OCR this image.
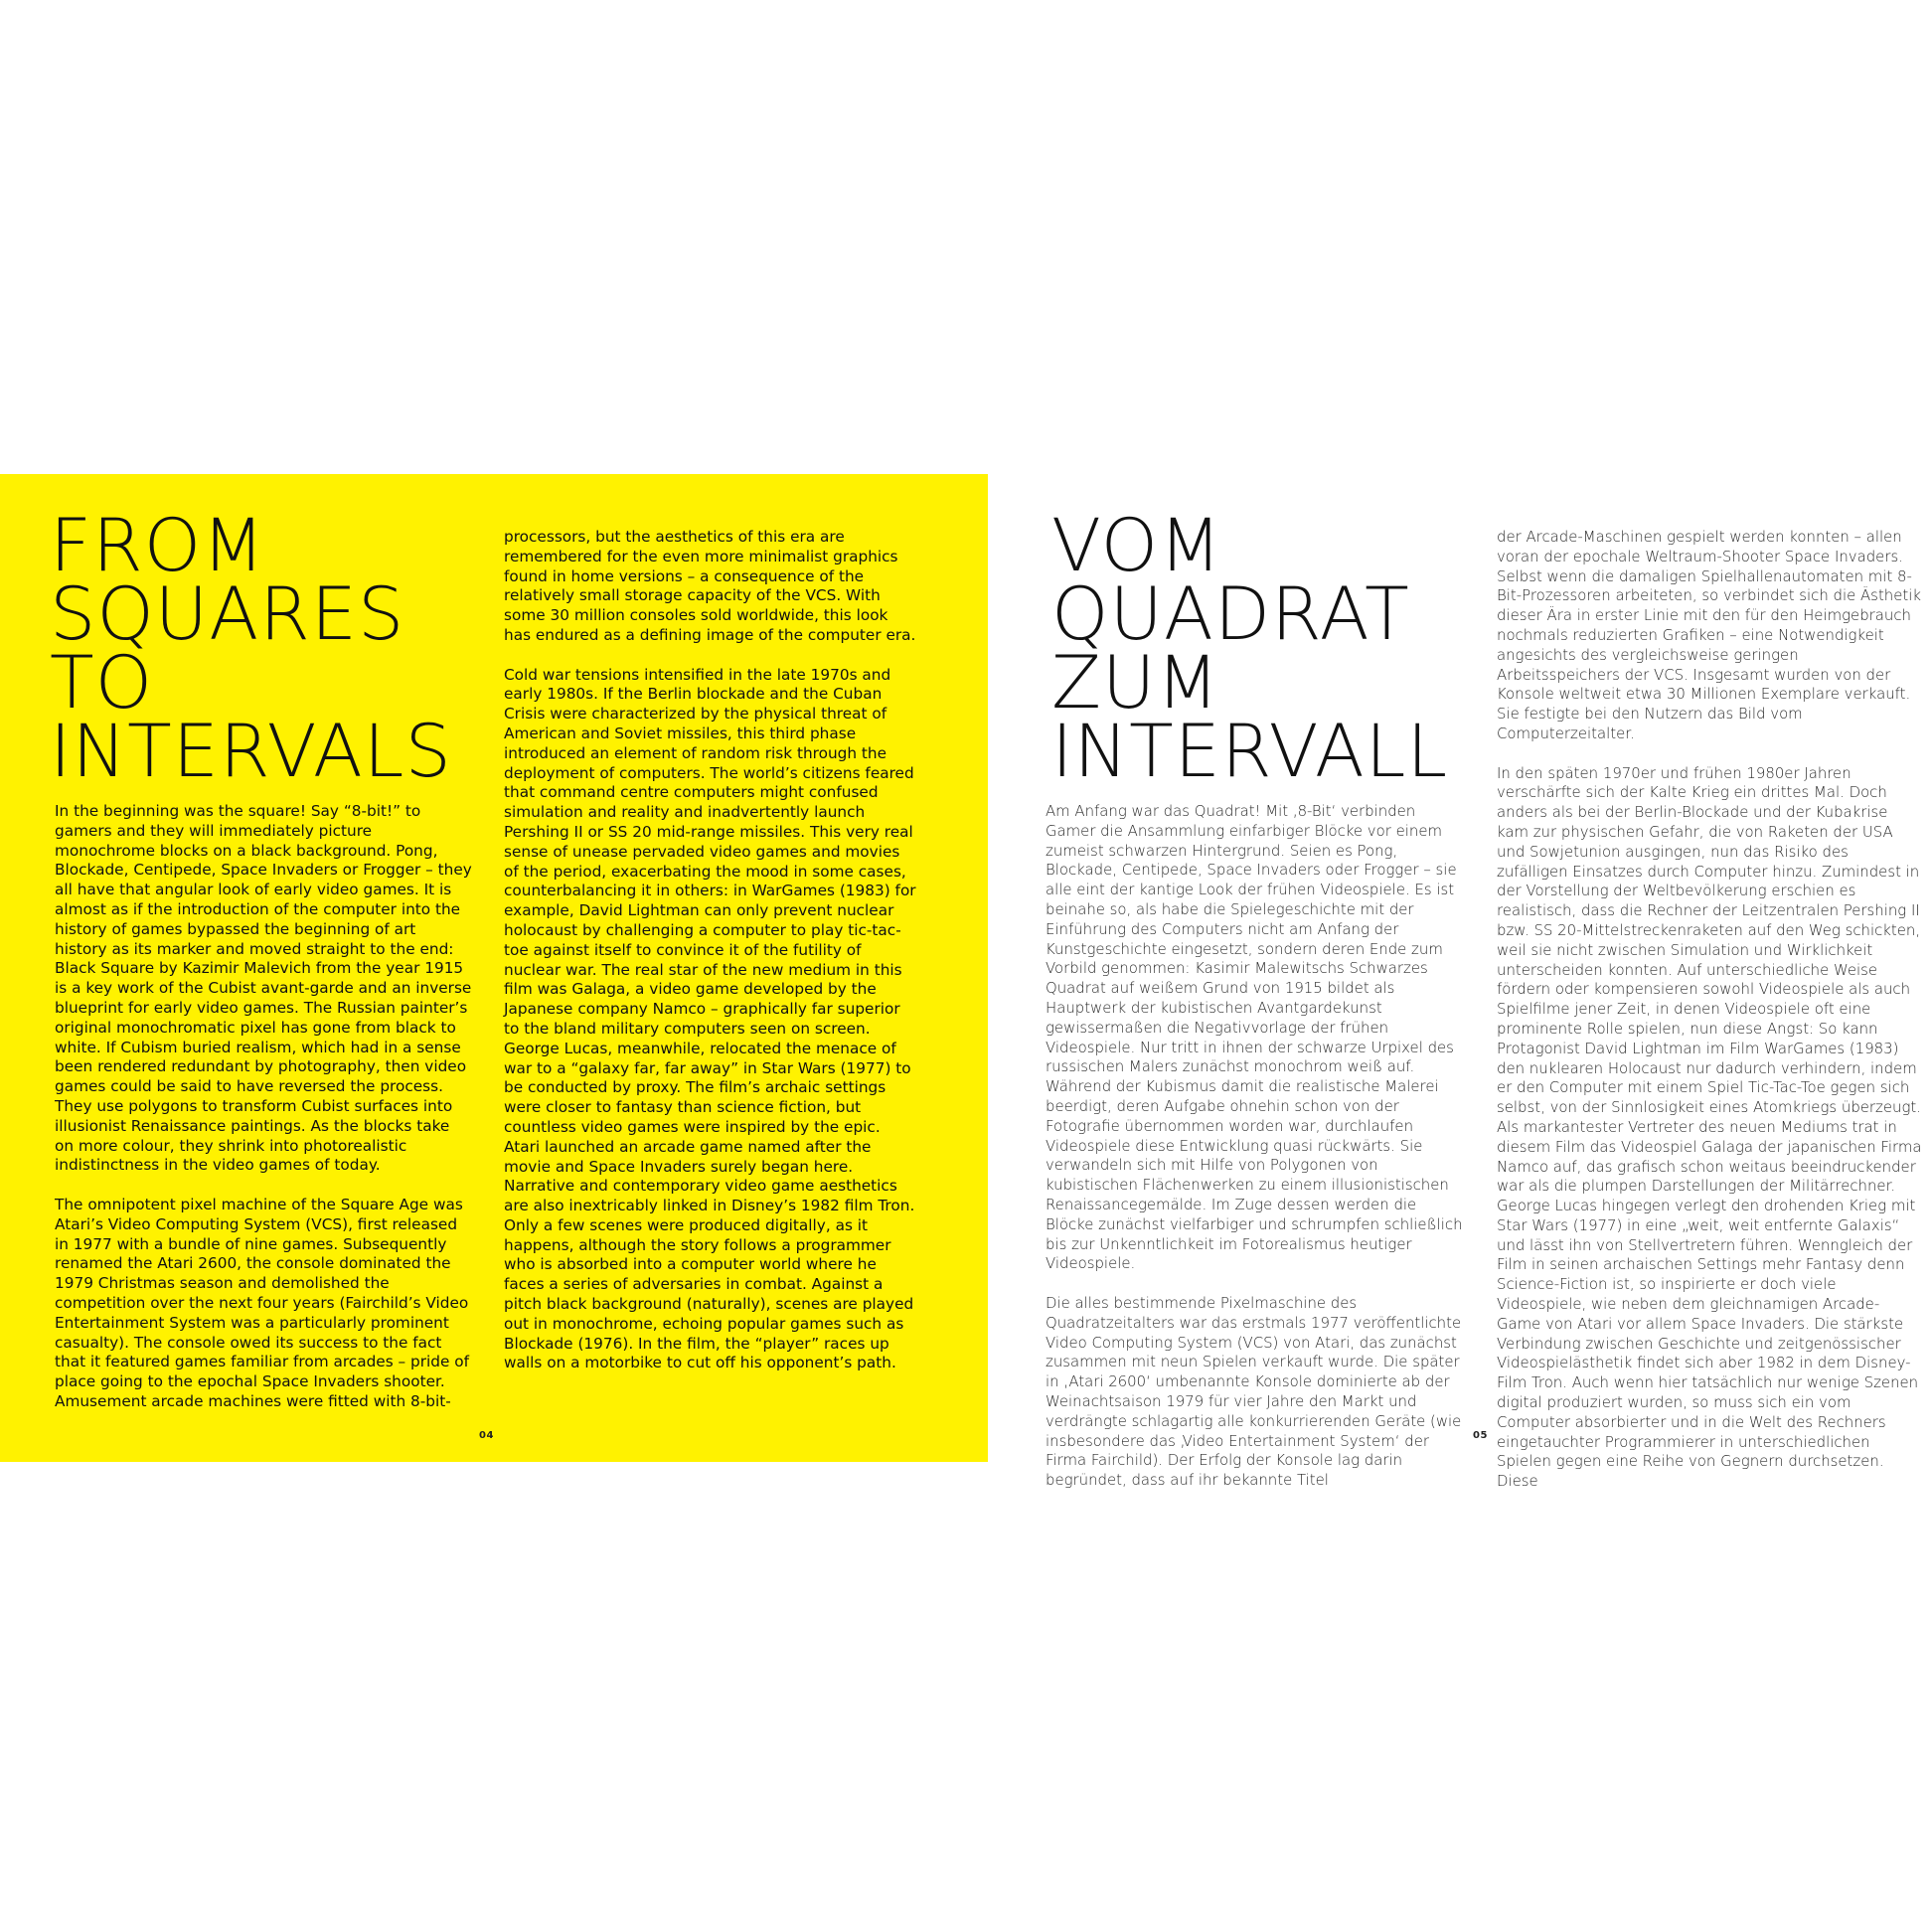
FROM
SQUARES
TO
INTERVALS

In the beginning was the square! Say “8-bit!” to gamers and they will immediately picture monochrome blocks on a black background. Pong, Blockade, Centipede, Space Invaders or Frogger – they all have that angular look of early video games. It is almost as if the introduction of the computer into the history of games bypassed the beginning of art history as its marker and moved straight to the end: Black Square by Kazimir Malevich from the year 1915 is a key work of the Cubist avant-garde and an inverse blueprint for early video games. The Russian painter’s original monochromatic pixel has gone from black to white. If Cubism buried realism, which had in a sense been rendered redundant by photography, then video games could be said to have reversed the process. They use polygons to transform Cubist surfaces into illusionist Renaissance paintings. As the blocks take on more colour, they shrink into photorealistic indistinctness in the video games of today.

The omnipotent pixel machine of the Square Age was Atari’s Video Computing System (VCS), first released in 1977 with a bundle of nine games. Subsequently renamed the Atari 2600, the console dominated the 1979 Christmas season and demolished the competition over the next four years (Fairchild’s Video Entertainment System was a particularly prominent casualty). The console owed its success to the fact that it featured games familiar from arcades – pride of place going to the epochal Space Invaders shooter. Amusement arcade machines were fitted with 8-bit-

processors, but the aesthetics of this era are remembered for the even more minimalist graphics found in home versions – a consequence of the relatively small storage capacity of the VCS. With some 30 million consoles sold worldwide, this look has endured as a defining image of the computer era.

Cold war tensions intensified in the late 1970s and early 1980s. If the Berlin blockade and the Cuban Crisis were characterized by the physical threat of American and Soviet missiles, this third phase introduced an element of random risk through the deployment of computers. The world’s citizens feared that command centre computers might confused simulation and reality and inadvertently launch Pershing II or SS 20 mid-range missiles. This very real sense of unease pervaded video games and movies of the period, exacerbating the mood in some cases, counterbalancing it in others: in WarGames (1983) for example, David Lightman can only prevent nuclear holocaust by challenging a computer to play tic-tac-toe against itself to convince it of the futility of nuclear war. The real star of the new medium in this film was Galaga, a video game developed by the Japanese company Namco – graphically far superior to the bland military computers seen on screen. George Lucas, meanwhile, relocated the menace of war to a “galaxy far, far away” in Star Wars (1977) to be conducted by proxy. The film’s archaic settings were closer to fantasy than science fiction, but countless video games were inspired by the epic. Atari launched an arcade game named after the movie and Space Invaders surely began here. Narrative and contemporary video game aesthetics are also inextricably linked in Disney’s 1982 film Tron. Only a few scenes were produced digitally, as it happens, although the story follows a programmer who is absorbed into a computer world where he faces a series of adversaries in combat. Against a pitch black background (naturally), scenes are played out in monochrome, echoing popular games such as Blockade (1976). In the film, the “player” races up walls on a motorbike to cut off his opponent’s path.

04
VOM
QUADRAT
ZUM
INTERVALL

Am Anfang war das Quadrat! Mit ‚8-Bit‘ verbinden Gamer die Ansammlung einfarbiger Blöcke vor einem zumeist schwarzen Hintergrund. Seien es Pong, Blockade, Centipede, Space Invaders oder Frogger – sie alle eint der kantige Look der frühen Videospiele. Es ist beinahe so, als habe die Spielegeschichte mit der Einführung des Computers nicht am Anfang der Kunstgeschichte eingesetzt, sondern deren Ende zum Vorbild genommen: Kasimir Malewitschs Schwarzes Quadrat auf weißem Grund von 1915 bildet als Hauptwerk der kubistischen Avantgardekunst gewissermaßen die Negativvorlage der frühen Videospiele. Nur tritt in ihnen der schwarze Urpixel des russischen Malers zunächst monochrom weiß auf. Während der Kubismus damit die realistische Malerei beerdigt, deren Aufgabe ohnehin schon von der Fotografie übernommen worden war, durchlaufen Videospiele diese Entwicklung quasi rückwärts. Sie verwandeln sich mit Hilfe von Polygonen von kubistischen Flächenwerken zu einem illusionistischen Renaissancegemälde. Im Zuge dessen werden die Blöcke zunächst vielfarbiger und schrumpfen schließlich bis zur Unkenntlichkeit im Fotorealismus heutiger Videospiele.

Die alles bestimmende Pixelmaschine des Quadratzeitalters war das erstmals 1977 veröffentlichte Video Computing System (VCS) von Atari, das zunächst zusammen mit neun Spielen verkauft wurde. Die später in ‚Atari 2600‘ umbenannte Konsole dominierte ab der Weinachtsaison 1979 für vier Jahre den Markt und verdrängte schlagartig alle konkurrierenden Geräte (wie insbesondere das ‚Video Entertainment System‘ der Firma Fairchild). Der Erfolg der Konsole lag darin begründet, dass auf ihr bekannte Titel

der Arcade-Maschinen gespielt werden konnten – allen voran der epochale Weltraum-Shooter Space Invaders. Selbst wenn die damaligen Spielhallenautomaten mit 8-Bit-Prozessoren arbeiteten, so verbindet sich die Ästhetik dieser Ära in erster Linie mit den für den Heimgebrauch nochmals reduzierten Grafiken – eine Notwendigkeit angesichts des vergleichsweise geringen Arbeitsspeichers der VCS. Insgesamt wurden von der Konsole weltweit etwa 30 Millionen Exemplare verkauft. Sie festigte bei den Nutzern das Bild vom Computerzeitalter.

In den späten 1970er und frühen 1980er Jahren verschärfte sich der Kalte Krieg ein drittes Mal. Doch anders als bei der Berlin-Blockade und der Kubakrise kam zur physischen Gefahr, die von Raketen der USA und Sowjetunion ausgingen, nun das Risiko des zufälligen Einsatzes durch Computer hinzu. Zumindest in der Vorstellung der Weltbevölkerung erschien es realistisch, dass die Rechner der Leitzentralen Pershing II bzw. SS 20-Mittelstreckenraketen auf den Weg schickten, weil sie nicht zwischen Simulation und Wirklichkeit unterscheiden konnten. Auf unterschiedliche Weise fördern oder kompensieren sowohl Videospiele als auch Spielfilme jener Zeit, in denen Videospiele oft eine prominente Rolle spielen, nun diese Angst: So kann Protagonist David Lightman im Film WarGames (1983) den nuklearen Holocaust nur dadurch verhindern, indem er den Computer mit einem Spiel Tic-Tac-Toe gegen sich selbst, von der Sinnlosigkeit eines Atomkriegs überzeugt. Als markantester Vertreter des neuen Mediums trat in diesem Film das Videospiel Galaga der japanischen Firma Namco auf, das grafisch schon weitaus beeindruckender war als die plumpen Darstellungen der Militärrechner. George Lucas hingegen verlegt den drohenden Krieg mit Star Wars (1977) in eine „weit, weit entfernte Galaxis“ und lässt ihn von Stellvertretern führen. Wenngleich der Film in seinen archaischen Settings mehr Fantasy denn Science-Fiction ist, so inspirierte er doch viele Videospiele, wie neben dem gleichnamigen Arcade-Game von Atari vor allem Space Invaders. Die stärkste Verbindung zwischen Geschichte und zeitgenössischer Videospielästhetik findet sich aber 1982 in dem Disney-Film Tron. Auch wenn hier tatsächlich nur wenige Szenen digital produziert wurden, so muss sich ein vom Computer absorbierter und in die Welt des Rechners eingetauchter Programmierer in unterschiedlichen Spielen gegen eine Reihe von Gegnern durchsetzen. Diese

05
